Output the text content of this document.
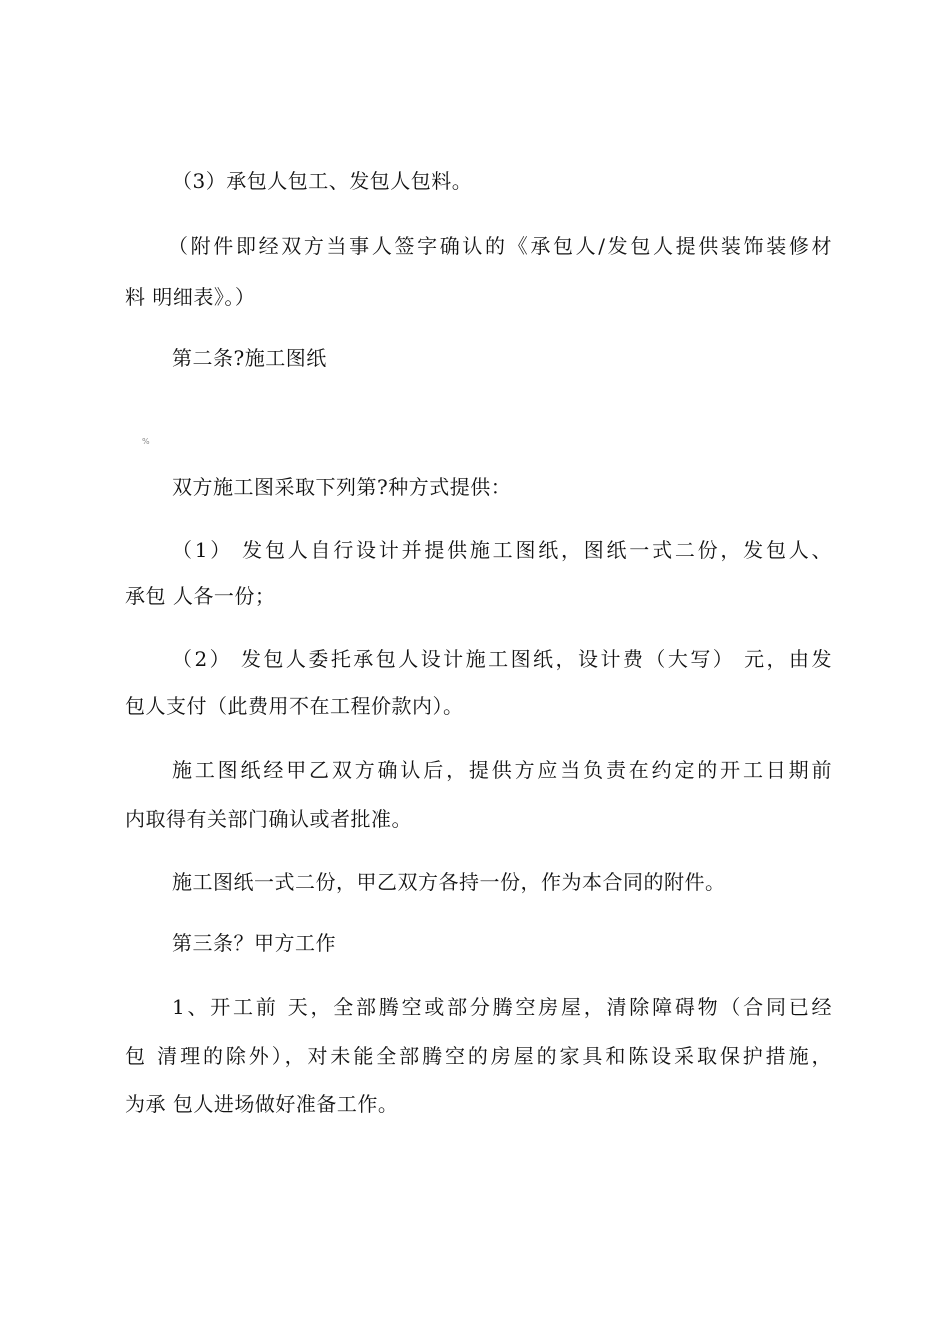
（3）承包人包工、发包人包料。
（附件即经双方当事人签字确认的《承包人/发包人提供装饰装修材
料 明细表》。）
第二条?施工图纸
%
双方施工图采取下列第?种方式提供：
（1） 发包人自行设计并提供施工图纸，图纸一式二份，发包人、
承包 人各一份；
（2） 发包人委托承包人设计施工图纸，设计费（大写） 元，由发
包人支付（此费用不在工程价款内）。
施工图纸经甲乙双方确认后，提供方应当负责在约定的开工日期前
内取得有关部门确认或者批准。
施工图纸一式二份，甲乙双方各持一份，作为本合同的附件。
第三条？甲方工作
1、开工前 天，全部腾空或部分腾空房屋，清除障碍物（合同已经
包 清理的除外），对未能全部腾空的房屋的家具和陈设采取保护措施，
为承 包人进场做好准备工作。
